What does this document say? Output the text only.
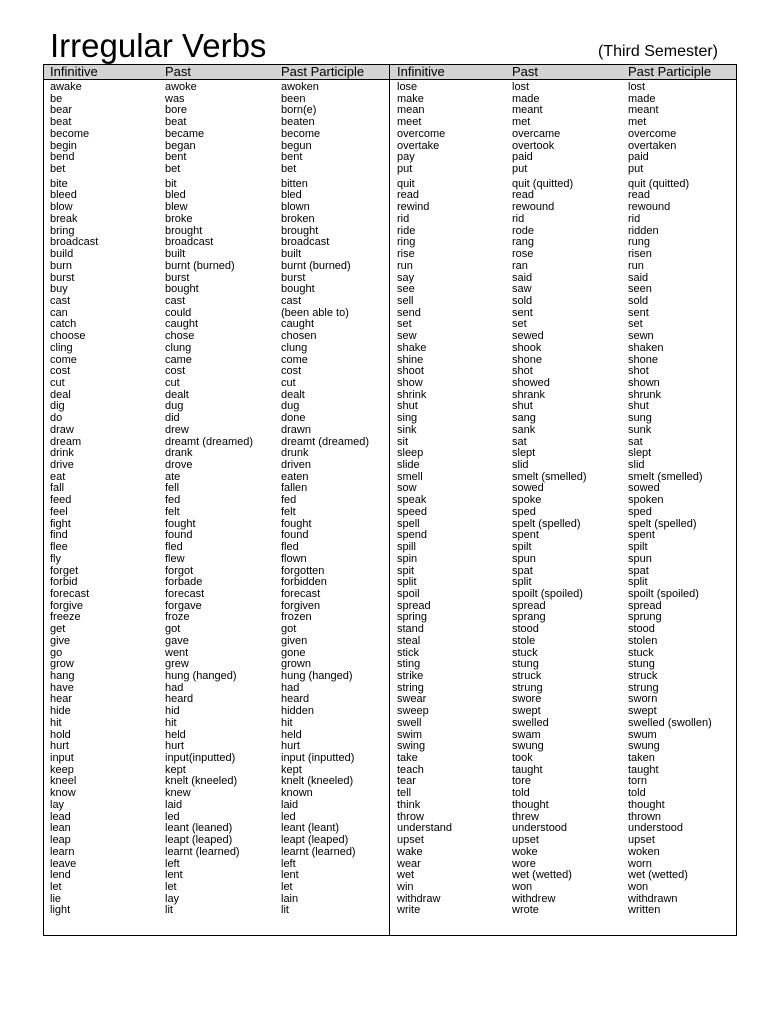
Irregular Verbs	(Third Semester)
Infinitive	Past	Past Participle	Infinitive	Past	Past Participle
awake	awoke	awoken
be	was	been
bear	bore	born(e)
beat	beat	beaten
become	became	become
begin	began	begun
bend	bent	bent
bet	bet	bet
bite	bit	bitten
bleed	bled	bled
blow	blew	blown
break	broke	broken
bring	brought	brought
broadcast	broadcast	broadcast
build	built	built
burn	burnt (burned)	burnt (burned)
burst	burst	burst
buy	bought	bought
cast	cast	cast
can	could	(been able to)
catch	caught	caught
choose	chose	chosen
cling	clung	clung
come	came	come
cost	cost	cost
cut	cut	cut
deal	dealt	dealt
dig	dug	dug
do	did	done
draw	drew	drawn
dream	dreamt (dreamed)	dreamt (dreamed)
drink	drank	drunk
drive	drove	driven
eat	ate	eaten
fall	fell	fallen
feed	fed	fed
feel	felt	felt
fight	fought	fought
find	found	found
flee	fled	fled
fly	flew	flown
forget	forgot	forgotten
forbid	forbade	forbidden
forecast	forecast	forecast
forgive	forgave	forgiven
freeze	froze	frozen
get	got	got
give	gave	given
go	went	gone
grow	grew	grown
hang	hung (hanged)	hung (hanged)
have	had	had
hear	heard	heard
hide	hid	hidden
hit	hit	hit
hold	held	held
hurt	hurt	hurt
input	input(inputted)	input (inputted)
keep	kept	kept
kneel	knelt (kneeled)	knelt (kneeled)
know	knew	known
lay	laid	laid
lead	led	led
lean	leant (leaned)	leant (leant)
leap	leapt (leaped)	leapt (leaped)
learn	learnt (learned)	learnt (learned)
leave	left	left
lend	lent	lent
let	let	let
lie	lay	lain
light	lit	lit
lose	lost	lost
make	made	made
mean	meant	meant
meet	met	met
overcome	overcame	overcome
overtake	overtook	overtaken
pay	paid	paid
put	put	put
quit	quit (quitted)	quit (quitted)
read	read	read
rewind	rewound	rewound
rid	rid	rid
ride	rode	ridden
ring	rang	rung
rise	rose	risen
run	ran	run
say	said	said
see	saw	seen
sell	sold	sold
send	sent	sent
set	set	set
sew	sewed	sewn
shake	shook	shaken
shine	shone	shone
shoot	shot	shot
show	showed	shown
shrink	shrank	shrunk
shut	shut	shut
sing	sang	sung
sink	sank	sunk
sit	sat	sat
sleep	slept	slept
slide	slid	slid
smell	smelt (smelled)	smelt (smelled)
sow	sowed	sowed
speak	spoke	spoken
speed	sped	sped
spell	spelt (spelled)	spelt (spelled)
spend	spent	spent
spill	spilt	spilt
spin	spun	spun
spit	spat	spat
split	split	split
spoil	spoilt (spoiled)	spoilt (spoiled)
spread	spread	spread
spring	sprang	sprung
stand	stood	stood
steal	stole	stolen
stick	stuck	stuck
sting	stung	stung
strike	struck	struck
string	strung	strung
swear	swore	sworn
sweep	swept	swept
swell	swelled	swelled (swollen)
swim	swam	swum
swing	swung	swung
take	took	taken
teach	taught	taught
tear	tore	torn
tell	told	told
think	thought	thought
throw	threw	thrown
understand	understood	understood
upset	upset	upset
wake	woke	woken
wear	wore	worn
wet	wet (wetted)	wet (wetted)
win	won	won
withdraw	withdrew	withdrawn
write	wrote	written
